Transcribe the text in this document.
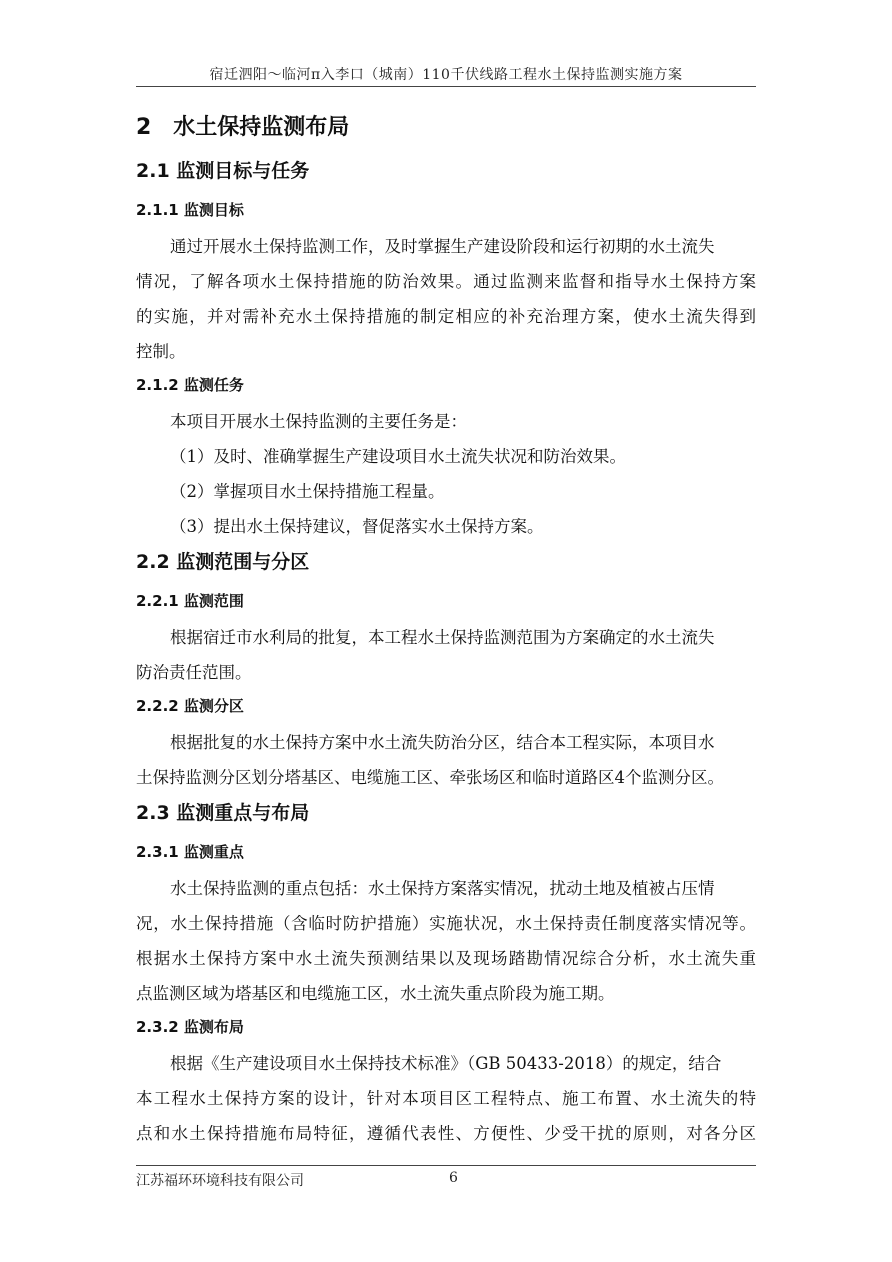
宿迁泗阳～临河π入李口（城南）110千伏线路工程水土保持监测实施方案
2　水土保持监测布局
2.1 监测目标与任务
2.1.1 监测目标
通过开展水土保持监测工作，及时掌握生产建设阶段和运行初期的水土流失
情况，了解各项水土保持措施的防治效果。通过监测来监督和指导水土保持方案
的实施，并对需补充水土保持措施的制定相应的补充治理方案，使水土流失得到
控制。
2.1.2 监测任务
本项目开展水土保持监测的主要任务是：
（1）及时、准确掌握生产建设项目水土流失状况和防治效果。
（2）掌握项目水土保持措施工程量。
（3）提出水土保持建议，督促落实水土保持方案。
2.2 监测范围与分区
2.2.1 监测范围
根据宿迁市水利局的批复，本工程水土保持监测范围为方案确定的水土流失
防治责任范围。
2.2.2 监测分区
根据批复的水土保持方案中水土流失防治分区，结合本工程实际，本项目水
土保持监测分区划分塔基区、电缆施工区、牵张场区和临时道路区4个监测分区。
2.3 监测重点与布局
2.3.1 监测重点
水土保持监测的重点包括：水土保持方案落实情况，扰动土地及植被占压情
况，水土保持措施（含临时防护措施）实施状况，水土保持责任制度落实情况等。
根据水土保持方案中水土流失预测结果以及现场踏勘情况综合分析，水土流失重
点监测区域为塔基区和电缆施工区，水土流失重点阶段为施工期。
2.3.2 监测布局
根据《生产建设项目水土保持技术标准》（GB 50433-2018）的规定，结合
本工程水土保持方案的设计，针对本项目区工程特点、施工布置、水土流失的特
点和水土保持措施布局特征，遵循代表性、方便性、少受干扰的原则，对各分区
江苏福环环境科技有限公司	6
